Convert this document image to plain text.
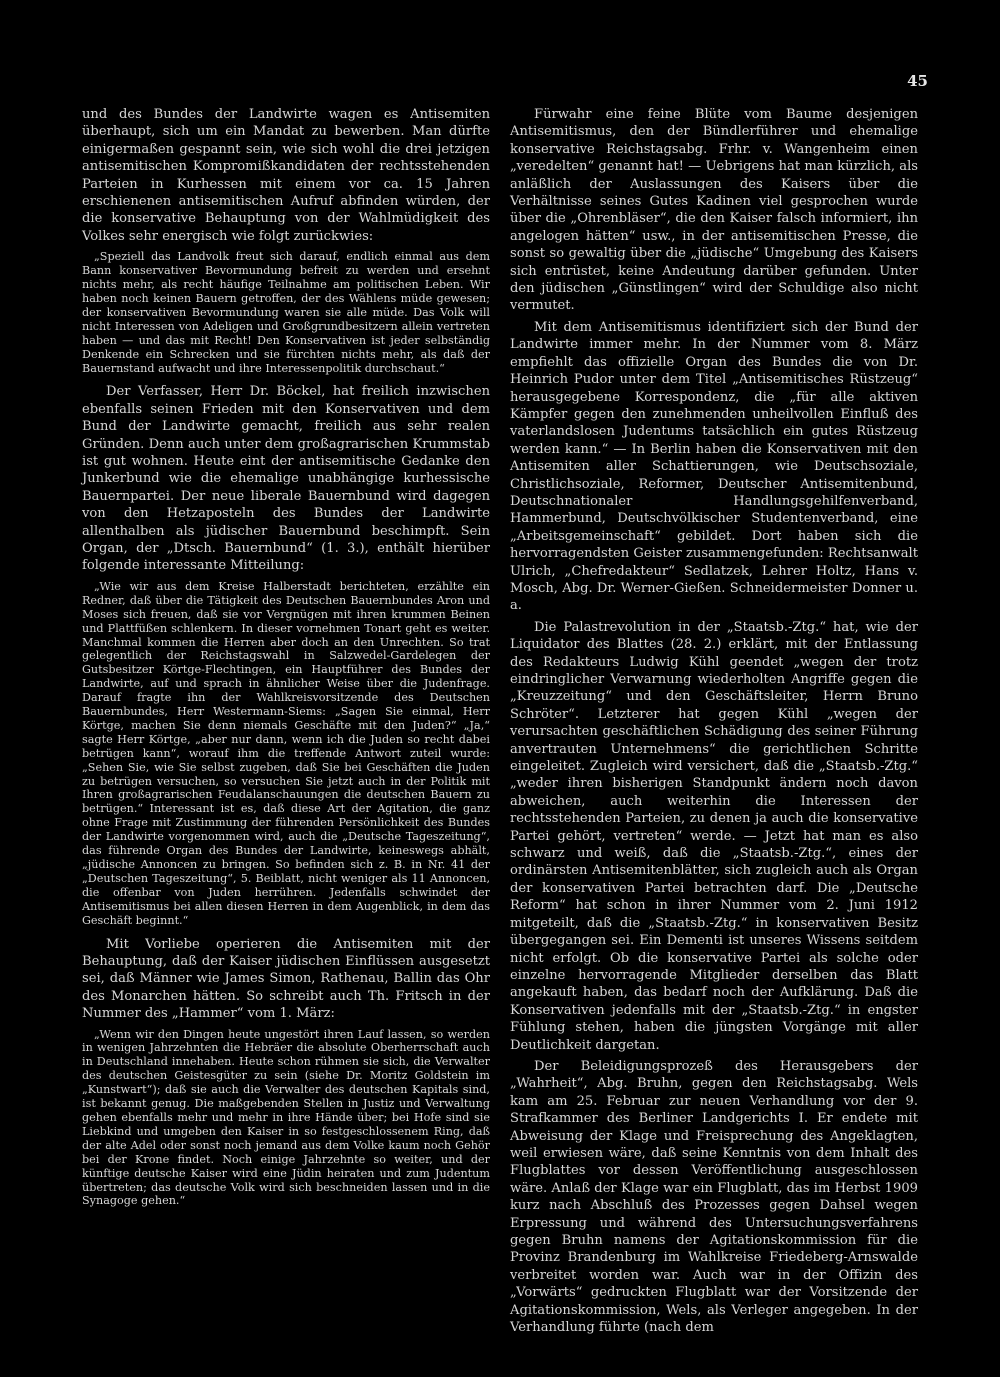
45

und des Bundes der Landwirte wagen es Antisemiten überhaupt, sich um ein Mandat zu bewerben. Man dürfte einigermaßen gespannt sein, wie sich wohl die drei jetzigen antisemitischen Kompromißkandidaten der rechtsstehenden Parteien in Kurhessen mit einem vor ca. 15 Jahren erschienenen antisemitischen Aufruf abfinden würden, der die konservative Behauptung von der Wahlmüdigkeit des Volkes sehr energisch wie folgt zurückwies:

„Speziell das Landvolk freut sich darauf, endlich einmal aus dem Bann konservativer Bevormundung befreit zu werden und ersehnt nichts mehr, als recht häufige Teilnahme am politischen Leben. Wir haben noch keinen Bauern getroffen, der des Wählens müde gewesen; der konservativen Bevormundung waren sie alle müde. Das Volk will nicht Interessen von Adeligen und Großgrundbesitzern allein vertreten haben — und das mit Recht! Den Konservativen ist jeder selbständig Denkende ein Schrecken und sie fürchten nichts mehr, als daß der Bauernstand aufwacht und ihre Interessenpolitik durchschaut.“

Der Verfasser, Herr Dr. Böckel, hat freilich inzwischen ebenfalls seinen Frieden mit den Konservativen und dem Bund der Landwirte gemacht, freilich aus sehr realen Gründen. Denn auch unter dem großagrarischen Krummstab ist gut wohnen. Heute eint der antisemitische Gedanke den Junkerbund wie die ehemalige unabhängige kurhessische Bauernpartei. Der neue liberale Bauernbund wird dagegen von den Hetzaposteln des Bundes der Landwirte allenthalben als jüdischer Bauernbund beschimpft. Sein Organ, der „Dtsch. Bauernbund“ (1. 3.), enthält hierüber folgende interessante Mitteilung:

„Wie wir aus dem Kreise Halberstadt berichteten, erzählte ein Redner, daß über die Tätigkeit des Deutschen Bauernbundes Aron und Moses sich freuen, daß sie vor Vergnügen mit ihren krummen Beinen und Plattfüßen schlenkern. In dieser vornehmen Tonart geht es weiter. Manchmal kommen die Herren aber doch an den Unrechten. So trat gelegentlich der Reichstagswahl in Salzwedel-Gardelegen der Gutsbesitzer Körtge-Flechtingen, ein Hauptführer des Bundes der Landwirte, auf und sprach in ähnlicher Weise über die Judenfrage. Darauf fragte ihn der Wahlkreisvorsitzende des Deutschen Bauernbundes, Herr Westermann-Siems: „Sagen Sie einmal, Herr Körtge, machen Sie denn niemals Geschäfte mit den Juden?“ „Ja,“ sagte Herr Körtge, „aber nur dann, wenn ich die Juden so recht dabei betrügen kann“, worauf ihm die treffende Antwort zuteil wurde: „Sehen Sie, wie Sie selbst zugeben, daß Sie bei Geschäften die Juden zu betrügen versuchen, so versuchen Sie jetzt auch in der Politik mit Ihren großagrarischen Feudalanschauungen die deutschen Bauern zu betrügen.“ Interessant ist es, daß diese Art der Agitation, die ganz ohne Frage mit Zustimmung der führenden Persönlichkeit des Bundes der Landwirte vorgenommen wird, auch die „Deutsche Tageszeitung“, das führende Organ des Bundes der Landwirte, keineswegs abhält, „jüdische Annoncen zu bringen. So befinden sich z. B. in Nr. 41 der „Deutschen Tageszeitung“, 5. Beiblatt, nicht weniger als 11 Annoncen, die offenbar von Juden herrühren. Jedenfalls schwindet der Antisemitismus bei allen diesen Herren in dem Augenblick, in dem das Geschäft beginnt.“

Mit Vorliebe operieren die Antisemiten mit der Behauptung, daß der Kaiser jüdischen Einflüssen ausgesetzt sei, daß Männer wie James Simon, Rathenau, Ballin das Ohr des Monarchen hätten. So schreibt auch Th. Fritsch in der Nummer des „Hammer“ vom 1. März:

„Wenn wir den Dingen heute ungestört ihren Lauf lassen, so werden in wenigen Jahrzehnten die Hebräer die absolute Oberherrschaft auch in Deutschland innehaben. Heute schon rühmen sie sich, die Verwalter des deutschen Geistesgüter zu sein (siehe Dr. Moritz Goldstein im „Kunstwart“); daß sie auch die Verwalter des deutschen Kapitals sind, ist bekannt genug. Die maßgebenden Stellen in Justiz und Verwaltung gehen ebenfalls mehr und mehr in ihre Hände über; bei Hofe sind sie Liebkind und umgeben den Kaiser in so festgeschlossenem Ring, daß der alte Adel oder sonst noch jemand aus dem Volke kaum noch Gehör bei der Krone findet. Noch einige Jahrzehnte so weiter, und der künftige deutsche Kaiser wird eine Jüdin heiraten und zum Judentum übertreten; das deutsche Volk wird sich beschneiden lassen und in die Synagoge gehen.“

Fürwahr eine feine Blüte vom Baume desjenigen Antisemitismus, den der Bündlerführer und ehemalige konservative Reichstagsabg. Frhr. v. Wangenheim einen „veredelten“ genannt hat! — Uebrigens hat man kürzlich, als anläßlich der Auslassungen des Kaisers über die Verhältnisse seines Gutes Kadinen viel gesprochen wurde über die „Ohrenbläser“, die den Kaiser falsch informiert, ihn angelogen hätten“ usw., in der antisemitischen Presse, die sonst so gewaltig über die „jüdische“ Umgebung des Kaisers sich entrüstet, keine Andeutung darüber gefunden. Unter den jüdischen „Günstlingen“ wird der Schuldige also nicht vermutet.

Mit dem Antisemitismus identifiziert sich der Bund der Landwirte immer mehr. In der Nummer vom 8. März empfiehlt das offizielle Organ des Bundes die von Dr. Heinrich Pudor unter dem Titel „Antisemitisches Rüstzeug“ herausgegebene Korrespondenz, die „für alle aktiven Kämpfer gegen den zunehmenden unheilvollen Einfluß des vaterlandslosen Judentums tatsächlich ein gutes Rüstzeug werden kann.“ — In Berlin haben die Konservativen mit den Antisemiten aller Schattierungen, wie Deutschsoziale, Christlichsoziale, Reformer, Deutscher Antisemitenbund, Deutschnationaler Handlungsgehilfenverband, Hammerbund, Deutschvölkischer Studentenverband, eine „Arbeitsgemeinschaft“ gebildet. Dort haben sich die hervorragendsten Geister zusammengefunden: Rechtsanwalt Ulrich, „Chefredakteur“ Sedlatzek, Lehrer Holtz, Hans v. Mosch, Abg. Dr. Werner-Gießen. Schneidermeister Donner u. a.

Die Palastrevolution in der „Staatsb.-Ztg.“ hat, wie der Liquidator des Blattes (28. 2.) erklärt, mit der Entlassung des Redakteurs Ludwig Kühl geendet „wegen der trotz eindringlicher Verwarnung wiederholten Angriffe gegen die „Kreuzzeitung“ und den Geschäftsleiter, Herrn Bruno Schröter“. Letzterer hat gegen Kühl „wegen der verursachten geschäftlichen Schädigung des seiner Führung anvertrauten Unternehmens“ die gerichtlichen Schritte eingeleitet. Zugleich wird versichert, daß die „Staatsb.-Ztg.“ „weder ihren bisherigen Standpunkt ändern noch davon abweichen, auch weiterhin die Interessen der rechtsstehenden Parteien, zu denen ja auch die konservative Partei gehört, vertreten“ werde. — Jetzt hat man es also schwarz und weiß, daß die „Staatsb.-Ztg.“, eines der ordinärsten Antisemitenblätter, sich zugleich auch als Organ der konservativen Partei betrachten darf. Die „Deutsche Reform“ hat schon in ihrer Nummer vom 2. Juni 1912 mitgeteilt, daß die „Staatsb.-Ztg.“ in konservativen Besitz übergegangen sei. Ein Dementi ist unseres Wissens seitdem nicht erfolgt. Ob die konservative Partei als solche oder einzelne hervorragende Mitglieder derselben das Blatt angekauft haben, das bedarf noch der Aufklärung. Daß die Konservativen jedenfalls mit der „Staatsb.-Ztg.“ in engster Fühlung stehen, haben die jüngsten Vorgänge mit aller Deutlichkeit dargetan.

Der Beleidigungsprozeß des Herausgebers der „Wahrheit“, Abg. Bruhn, gegen den Reichstagsabg. Wels kam am 25. Februar zur neuen Verhandlung vor der 9. Strafkammer des Berliner Landgerichts I. Er endete mit Abweisung der Klage und Freisprechung des Angeklagten, weil erwiesen wäre, daß seine Kenntnis von dem Inhalt des Flugblattes vor dessen Veröffentlichung ausgeschlossen wäre. Anlaß der Klage war ein Flugblatt, das im Herbst 1909 kurz nach Abschluß des Prozesses gegen Dahsel wegen Erpressung und während des Untersuchungsverfahrens gegen Bruhn namens der Agitationskommission für die Provinz Brandenburg im Wahlkreise Friedeberg-Arnswalde verbreitet worden war. Auch war in der Offizin des „Vorwärts“ gedruckten Flugblatt war der Vorsitzende der Agitationskommission, Wels, als Verleger angegeben. In der Verhandlung führte (nach dem
